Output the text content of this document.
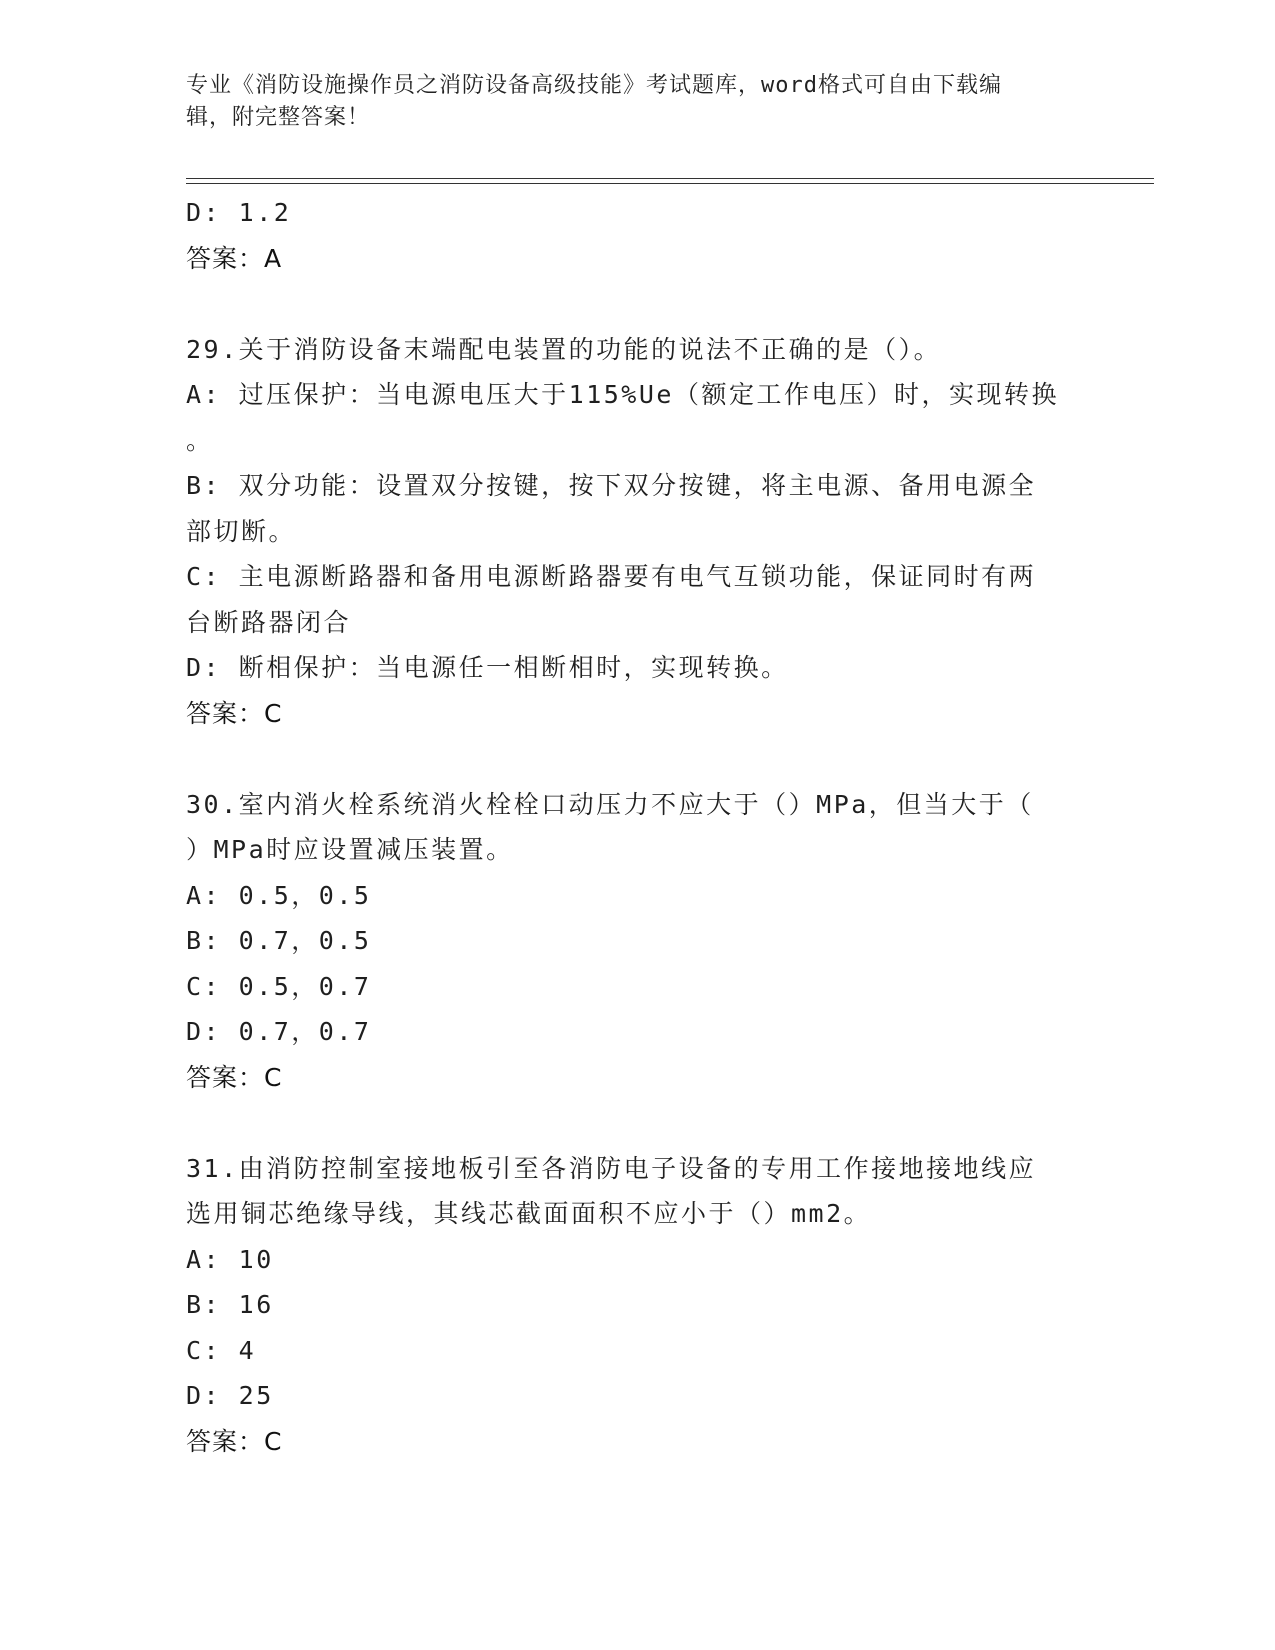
专业《消防设施操作员之消防设备高级技能》考试题库，word格式可自由下载编
辑，附完整答案！
D: 1.2
答案：A
29.关于消防设备末端配电装置的功能的说法不正确的是（）。
A: 过压保护：当电源电压大于115%Ue（额定工作电压）时，实现转换
。
B: 双分功能：设置双分按键，按下双分按键，将主电源、备用电源全
部切断。
C: 主电源断路器和备用电源断路器要有电气互锁功能，保证同时有两
台断路器闭合
D: 断相保护：当电源任一相断相时，实现转换。
答案：C
30.室内消火栓系统消火栓栓口动压力不应大于（）MPa，但当大于（
）MPa时应设置减压装置。
A: 0.5，0.5
B: 0.7，0.5
C: 0.5，0.7
D: 0.7，0.7
答案：C
31.由消防控制室接地板引至各消防电子设备的专用工作接地接地线应
选用铜芯绝缘导线，其线芯截面面积不应小于（）mm2。
A: 10
B: 16
C: 4
D: 25
答案：C
